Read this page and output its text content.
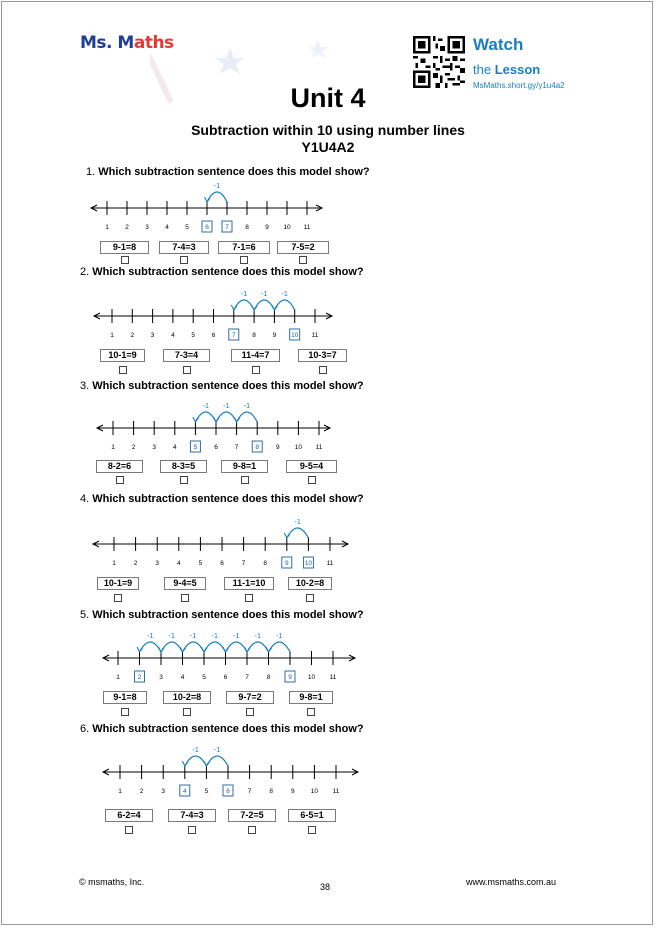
Ms. Maths	Watch
the Lesson
MsMaths.short.gy/y1u4a2
Unit 4
Subtraction within 10 using number lines
Y1U4A2
1. Which subtraction sentence does this model show?
1	2	3	4	5	6	7	8	9 10 11
-1
9-1=8	7-4=3	7-1=6	7-5=2
2. Which subtraction sentence does this model show?
1	2	3	4	5	6	7	8	9 10 11
-1
-1
-1
10-1=9	7-3=4	11-4=7	10-3=7
3. Which subtraction sentence does this model show?
1	2	3	4	5	6	7	8	9 10 11
-1
-1
-1
8-2=6	8-3=5	9-8=1	9-5=4
4. Which subtraction sentence does this model show?
1	2	3	4	5	6	7	8	9 10 11
-1
10-1=9	9-4=5	11-1=10	10-2=8
5. Which subtraction sentence does this model show?
1	2	3	4	5	6	7	8	9 10 11
-1
-1
-1
-1
-1
-1
-1
9-1=8	10-2=8	9-7=2	9-8=1
6. Which subtraction sentence does this model show?
1	2	3	4	5	6	7	8	9 10 11
-1
-1
6-2=4	7-4=3	7-2=5	6-5=1
© msmaths, Inc.	38	www.msmaths.com.au
